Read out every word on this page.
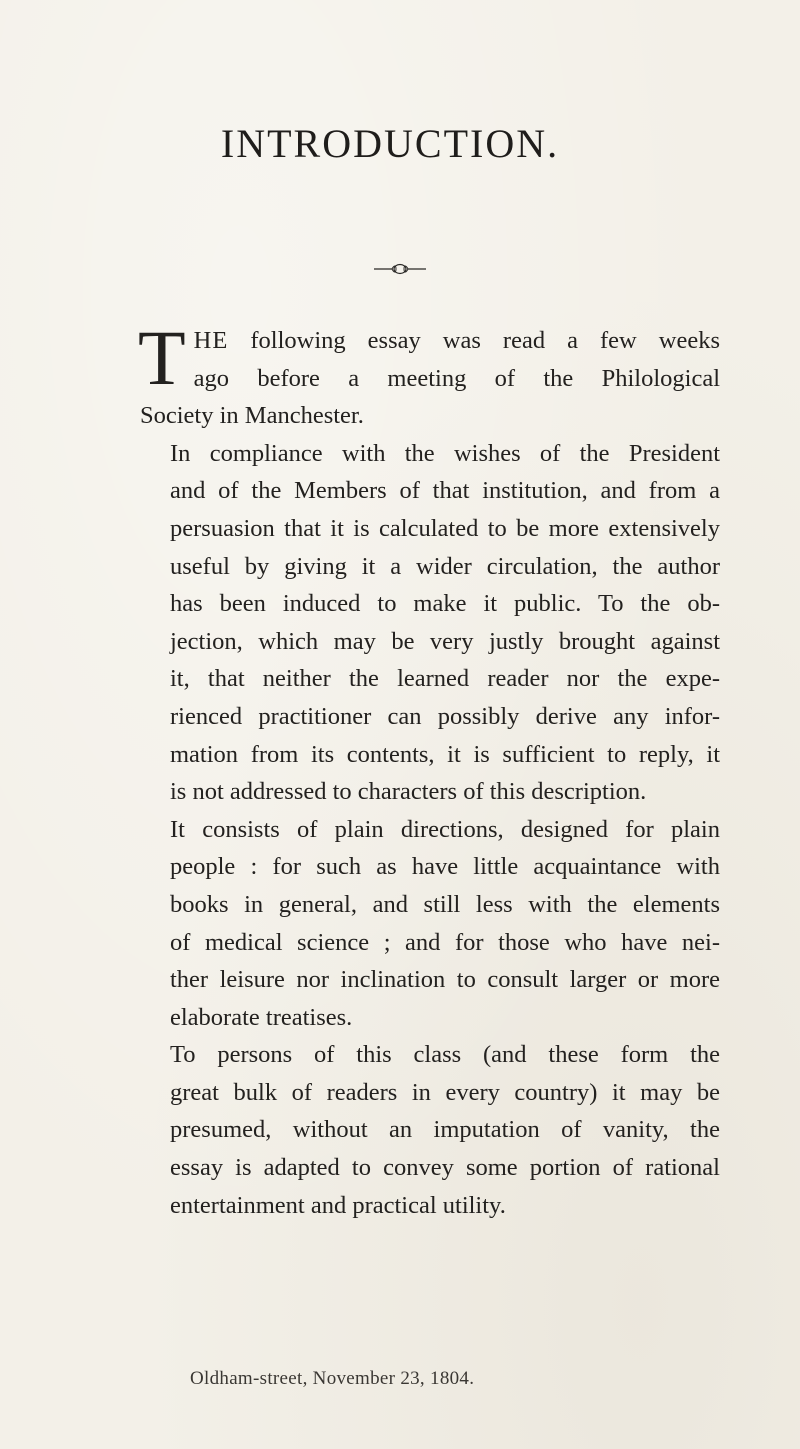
INTRODUCTION.

T HE following essay was read a few weeks
ago before a meeting of the Philological
Society in Manchester.

In compliance with the wishes of the President
and of the Members of that institution, and from a
persuasion that it is calculated to be more extensively
useful by giving it a wider circulation, the author
has been induced to make it public. To the ob-
jection, which may be very justly brought against
it, that neither the learned reader nor the expe-
rienced practitioner can possibly derive any infor-
mation from its contents, it is sufficient to reply, it
is not addressed to characters of this description.

It consists of plain directions, designed for plain
people : for such as have little acquaintance with
books in general, and still less with the elements
of medical science ; and for those who have nei-
ther leisure nor inclination to consult larger or more
elaborate treatises.

To persons of this class (and these form the
great bulk of readers in every country) it may be
presumed, without an imputation of vanity, the
essay is adapted to convey some portion of rational
entertainment and practical utility.

Oldham-street, November 23, 1804.
